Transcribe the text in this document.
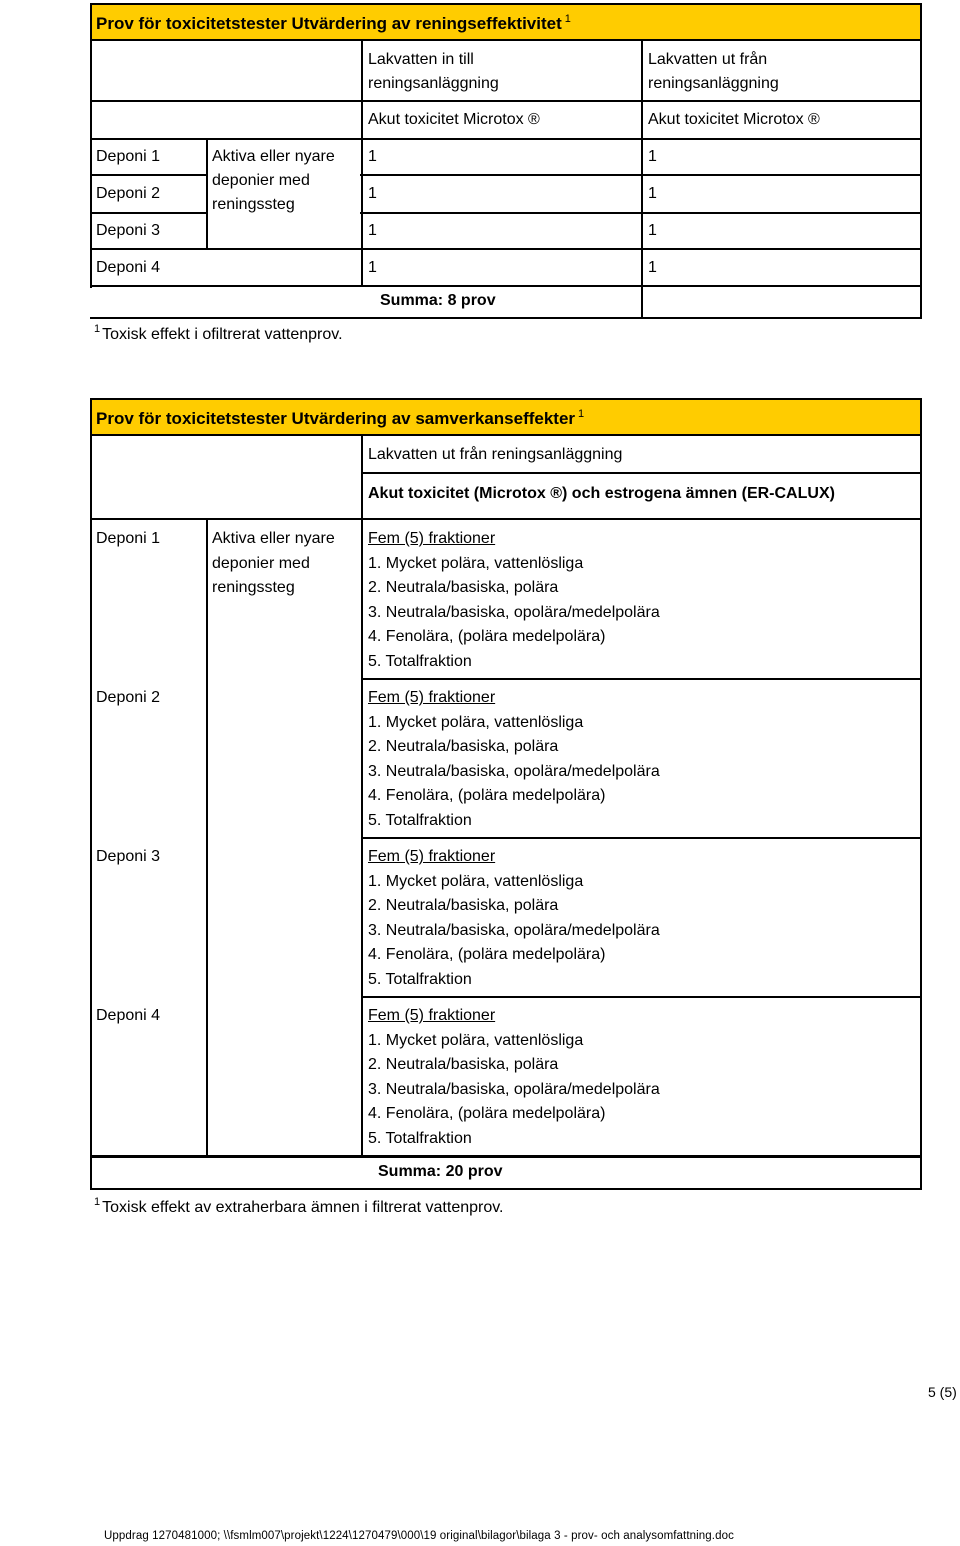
Prov för toxicitetstester Utvärdering av reningseffektivitet $^1$
Lakvatten in till
reningsanläggning
Lakvatten ut från
reningsanläggning
Akut toxicitet Microtox ®	Akut toxicitet Microtox ®
Deponi 1	1	1
Deponi 2	1	1
Deponi 3	1	1
Deponi 4	1	1
Aktiva eller nyare
deponier med
reningssteg
Summa: 8 prov
$^1$ Toxisk effekt i ofiltrerat vattenprov.
Prov för toxicitetstester Utvärdering av samverkanseffekter $^1$
Lakvatten ut från reningsanläggning
Akut toxicitet (Microtox ®) och estrogena ämnen (ER-CALUX)
Aktiva eller nyare
deponier med
reningssteg
Deponi 1	Fem (5) fraktioner
1. Mycket polära, vattenlösliga
2. Neutrala/basiska, polära
3. Neutrala/basiska, opolära/medelpolära
4. Fenolära, (polära medelpolära)
5. Totalfraktion
Deponi 2	Fem (5) fraktioner
1. Mycket polära, vattenlösliga
2. Neutrala/basiska, polära
3. Neutrala/basiska, opolära/medelpolära
4. Fenolära, (polära medelpolära)
5. Totalfraktion
Deponi 3	Fem (5) fraktioner
1. Mycket polära, vattenlösliga
2. Neutrala/basiska, polära
3. Neutrala/basiska, opolära/medelpolära
4. Fenolära, (polära medelpolära)
5. Totalfraktion
Deponi 4	Fem (5) fraktioner
1. Mycket polära, vattenlösliga
2. Neutrala/basiska, polära
3. Neutrala/basiska, opolära/medelpolära
4. Fenolära, (polära medelpolära)
5. Totalfraktion
Summa: 20 prov
$^1$ Toxisk effekt av extraherbara ämnen i filtrerat vattenprov.
5 (5)
Uppdrag 1270481000; \\fsmlm007\projekt\1224\1270479\000\19 original\bilagor\bilaga 3 - prov- och analysomfattning.doc
